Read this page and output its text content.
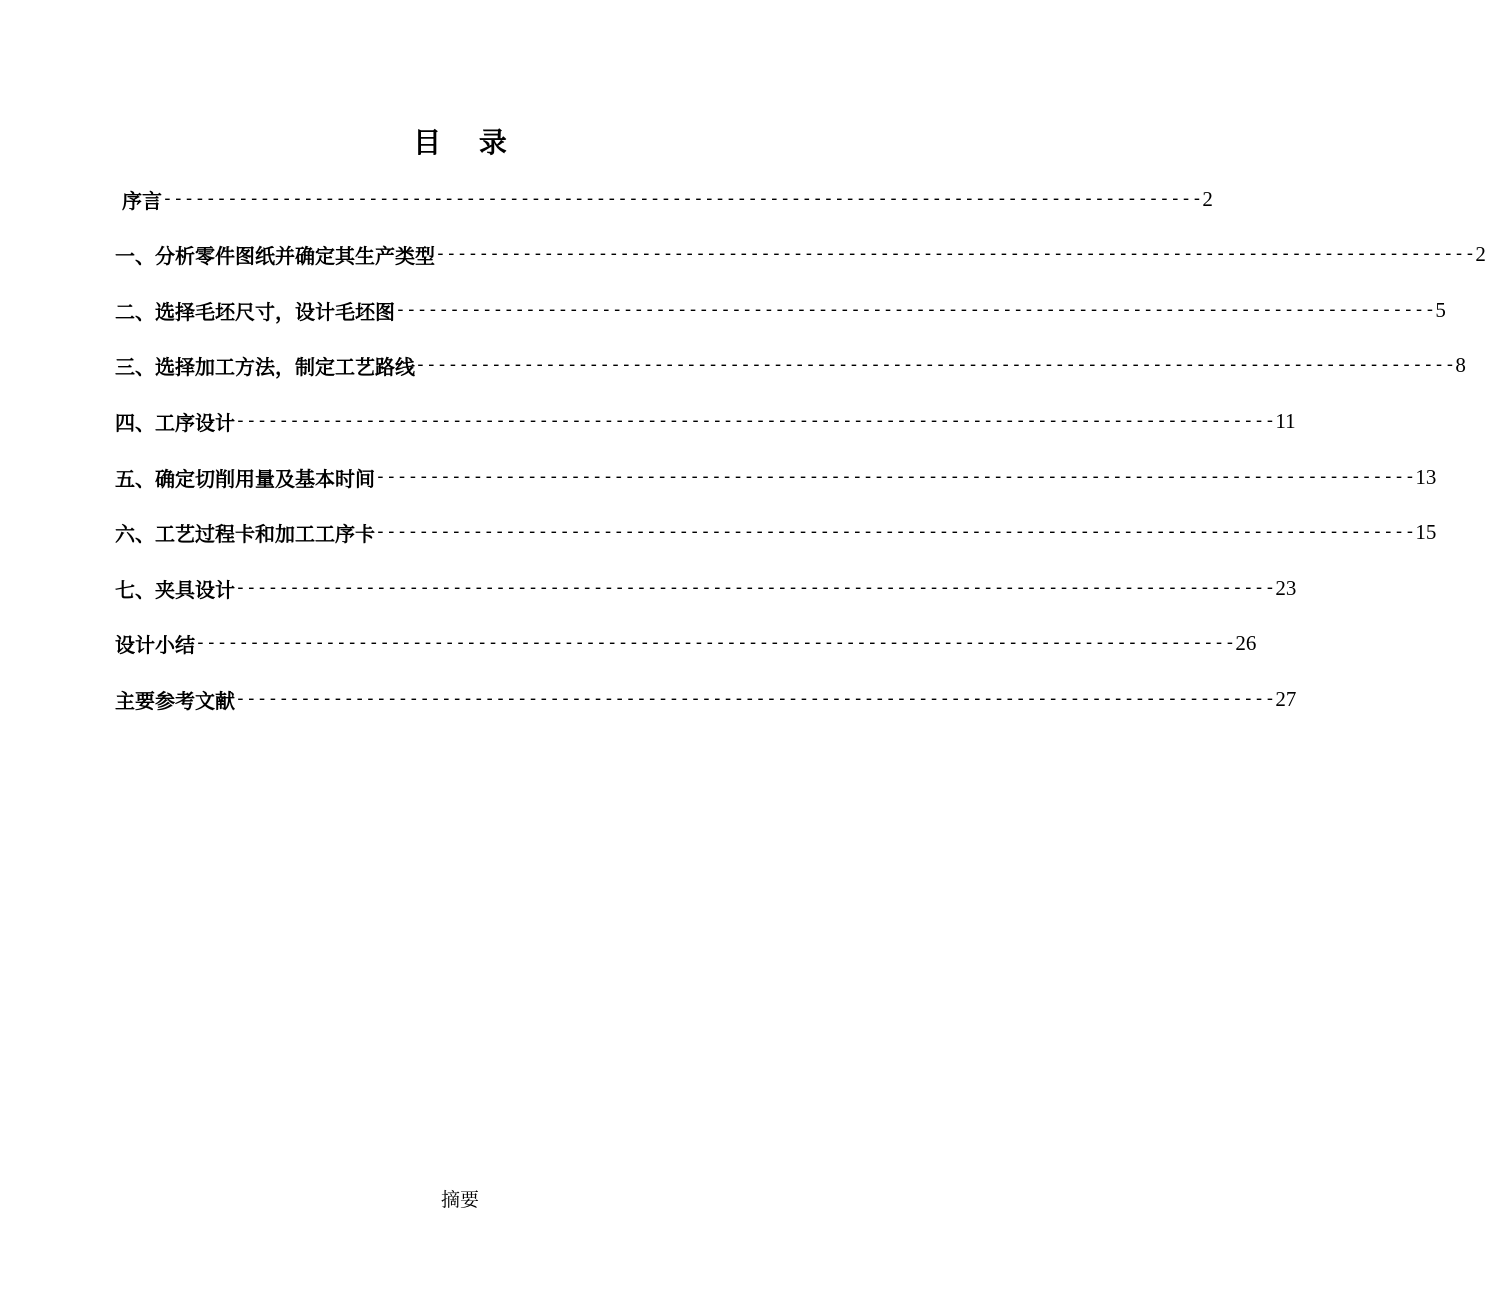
目 录
序言 ------------------------------------------------------------------------------------------------ 2
一、分析零件图纸并确定其生产类型 ------------------------------------------------------------------------------------------------ 2
二、选择毛坯尺寸，设计毛坯图 ------------------------------------------------------------------------------------------------ 5
三、选择加工方法，制定工艺路线 ------------------------------------------------------------------------------------------------ 8
四、工序设计 ------------------------------------------------------------------------------------------------ 11
五、确定切削用量及基本时间 ------------------------------------------------------------------------------------------------ 13
六、工艺过程卡和加工工序卡 ------------------------------------------------------------------------------------------------ 15
七、夹具设计 ------------------------------------------------------------------------------------------------ 23
设计小结 ------------------------------------------------------------------------------------------------ 26
主要参考文献 ------------------------------------------------------------------------------------------------ 27
摘要
